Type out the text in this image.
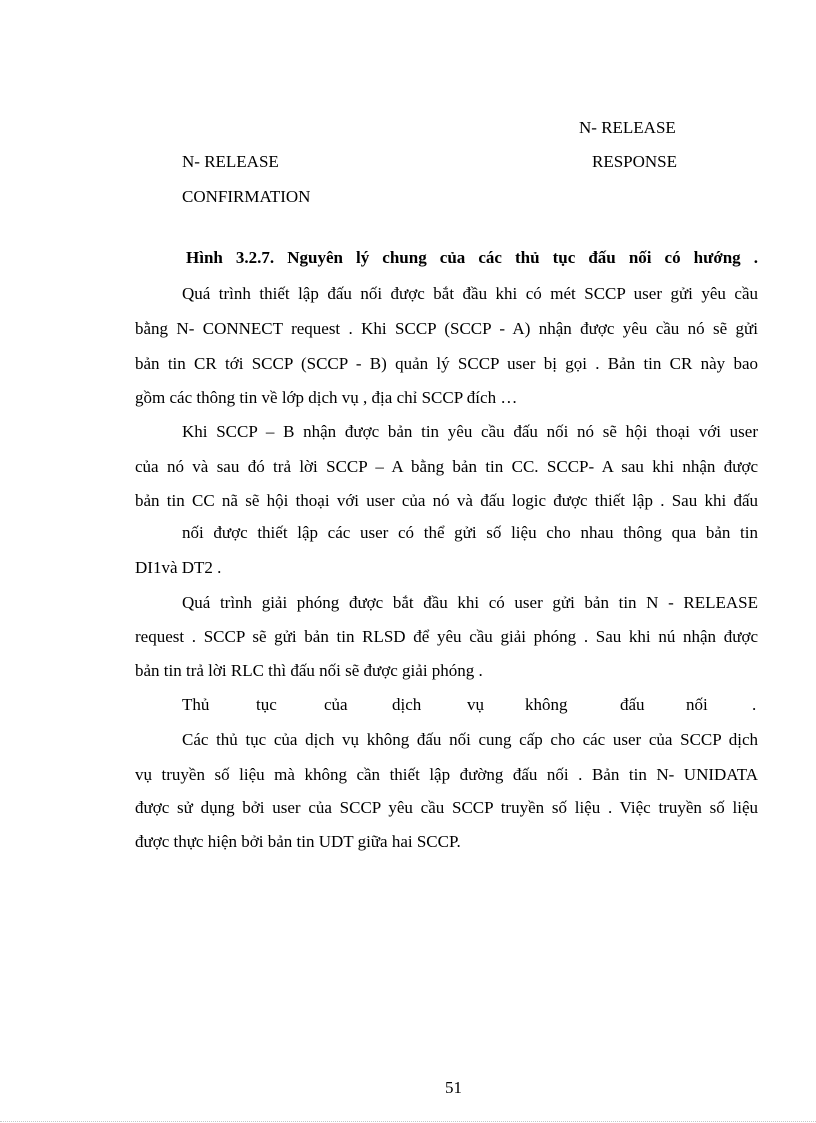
N- RELEASE
N- RELEASE	RESPONSE
CONFIRMATION
Hình 3.2.7. Nguyên lý chung của các thủ tục đấu nối có hướng .
Quá trình thiết lập đấu nối được bắt đầu khi có mét SCCP user gửi yêu cầu
bằng N- CONNECT request . Khi SCCP (SCCP - A) nhận được yêu cầu nó sẽ gửi
bản tin CR tới SCCP (SCCP - B) quản lý SCCP user bị gọi . Bản tin CR này bao
gồm các thông tin về lớp dịch vụ , địa chỉ SCCP đích …
Khi SCCP – B nhận được bản tin yêu cầu đấu nối nó sẽ hội thoại với user
của nó và sau đó trả lời SCCP – A bằng bản tin CC. SCCP- A sau khi nhận được
bản tin CC nã sẽ hội thoại với user của nó và đấu logic được thiết lập . Sau khi đấu
nối được thiết lập các user có thể gửi số liệu cho nhau thông qua bản tin
DI1và DT2 .
Quá trình giải phóng được bắt đầu khi có user gửi bản tin N - RELEASE
request . SCCP sẽ gửi bản tin RLSD để yêu cầu giải phóng . Sau khi nú nhận được
bản tin trả lời RLC thì đấu nối sẽ được giải phóng .
Thủ	tục	của	dịch	vụ không	đấu nối	.
Các thủ tục của dịch vụ không đấu nối cung cấp cho các user của SCCP dịch
vụ truyền số liệu mà không cần thiết lập đường đấu nối . Bản tin N- UNIDATA
được sử dụng bởi user của SCCP yêu cầu SCCP truyền số liệu . Việc truyền số liệu
được thực hiện bởi bản tin UDT giữa hai SCCP.
51
